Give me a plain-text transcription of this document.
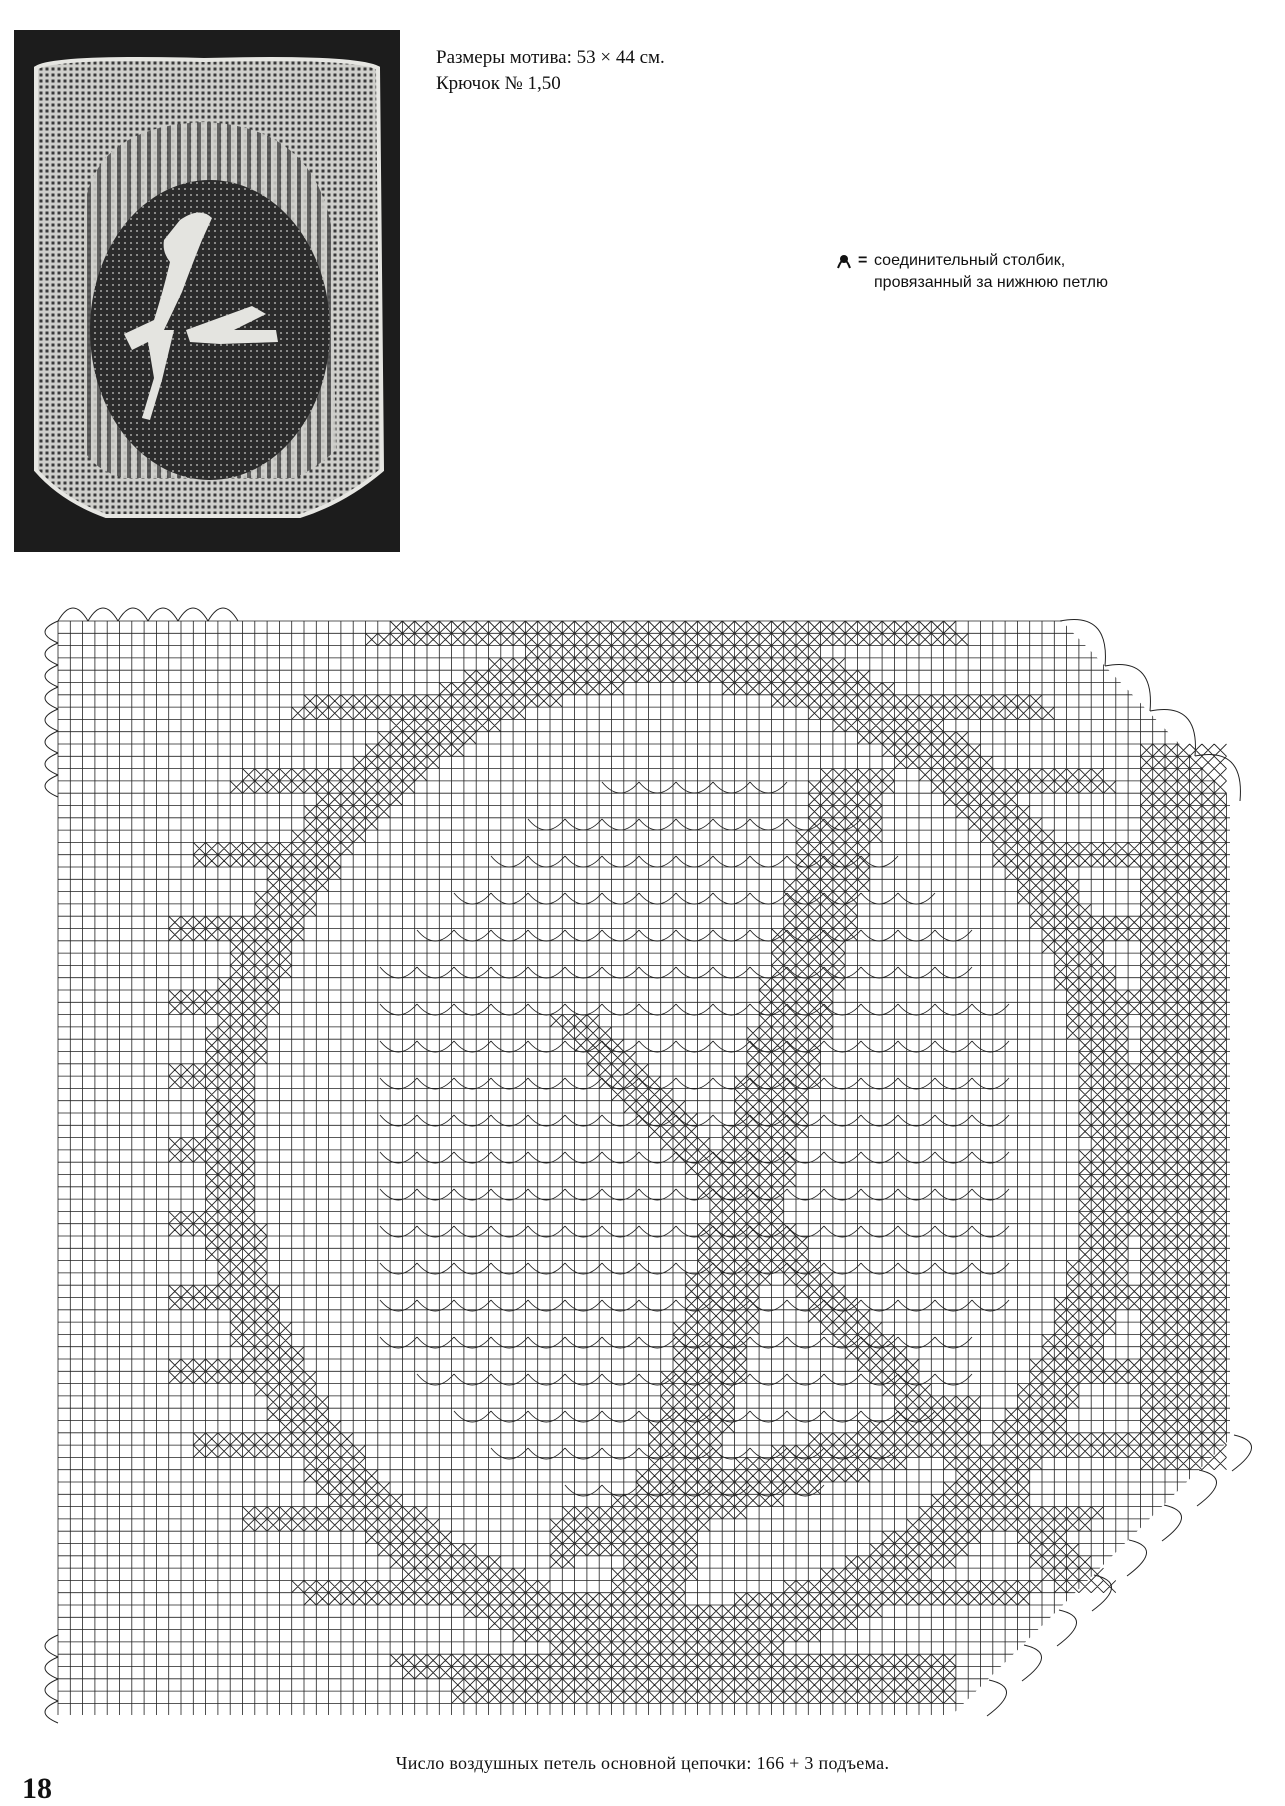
Размеры мотива: 53 × 44 см.
Крючок № 1,50
= соединительный столбик,
провязанный за нижнюю петлю
Число воздушных петель основной цепочки: 166 + 3 подъема.
18
